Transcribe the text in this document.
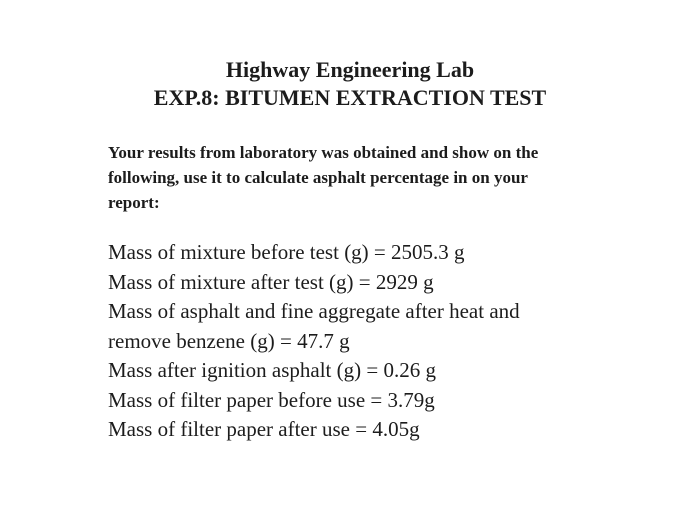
Highway Engineering Lab
EXP.8: BITUMEN EXTRACTION TEST
Your results from laboratory was obtained and show on the
following, use it to calculate asphalt percentage in on your
report:
Mass of mixture before test (g) = 2505.3 g
Mass of mixture after test (g) = 2929 g
Mass of asphalt and fine aggregate after heat and
remove benzene (g) = 47.7 g
Mass after ignition asphalt (g) = 0.26 g
Mass of filter paper before use = 3.79g
Mass of filter paper after use = 4.05g
